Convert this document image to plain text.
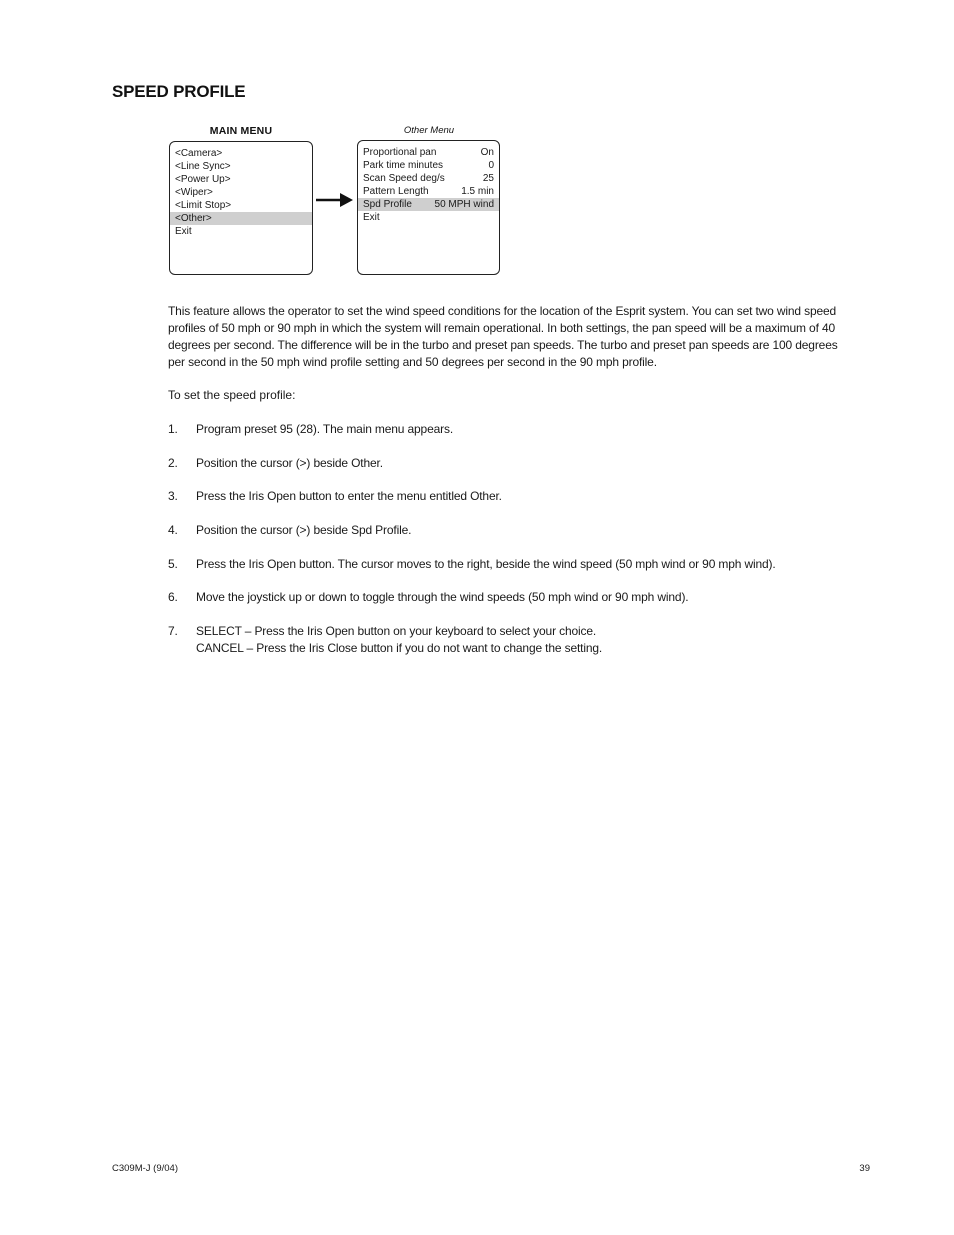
SPEED PROFILE
MAIN MENU
<Camera>
<Line Sync>
<Power Up>
<Wiper>
<Limit Stop>
<Other>
Exit
Other Menu
Proportional pan	On
Park time minutes	0
Scan Speed deg/s	25
Pattern Length	1.5 min
Spd Profile 50 MPH wind
Exit

This feature allows the operator to set the wind speed conditions for the location of the Esprit system. You can set two wind speed profiles of 50 mph or 90 mph in which the system will remain operational. In both settings, the pan speed will be a maximum of 40 degrees per second. The difference will be in the turbo and preset pan speeds. The turbo and preset pan speeds are 100 degrees per second in the 50 mph wind profile setting and 50 degrees per second in the 90 mph profile.

To set the speed profile:

1. Program preset 95 (28). The main menu appears.
2. Position the cursor (>) beside Other.
3. Press the Iris Open button to enter the menu entitled Other.
4. Position the cursor (>) beside Spd Profile.
5. Press the Iris Open button. The cursor moves to the right, beside the wind speed (50 mph wind or 90 mph wind).
6. Move the joystick up or down to toggle through the wind speeds (50 mph wind or 90 mph wind).
7. SELECT – Press the Iris Open button on your keyboard to select your choice.
CANCEL – Press the Iris Close button if you do not want to change the setting.
C309M-J (9/04)	39
